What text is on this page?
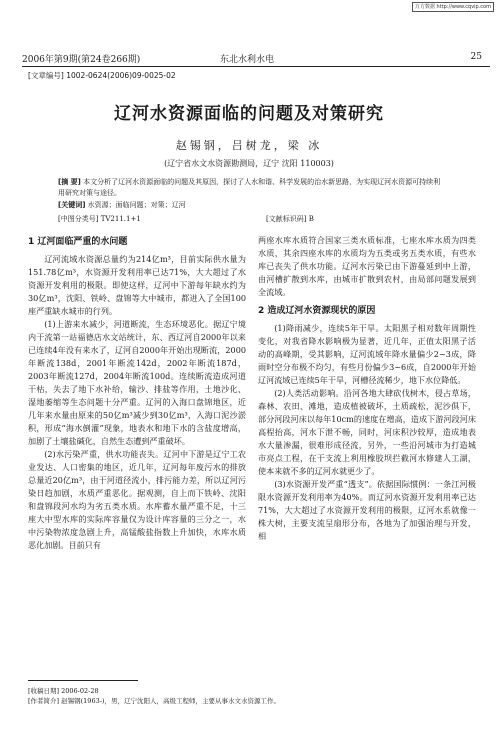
万方数据 http://www.cqvip.com
2006年第9期(第24卷266期)	东北水利水电	25
[文章编号] 1002-0624(2006)09-0025-02
辽河水资源面临的问题及对策研究
赵锡钢，吕树龙，梁 冰
(辽宁省水文水资源勘测局，辽宁 沈阳 110003)

[摘 要] 本文分析了辽河水资源面临的问题及其原因，探讨了人水和谐、科学发展的治水新思路，为实现辽河水资源可持续利用研究对策与途径。

[关键词] 水资源；面临问题；对策；辽河

[中图分类号] TV211.1+1	[文献标识码] B
1 辽河面临严重的水问题

辽河流域水资源总量约为214亿m³，目前实际供水量为151.78亿m³，水资源开发利用率已达71%，大大超过了水资源开发利用的极限。即使这样，辽河中下游每年缺水约为30亿m³，沈阳、铁岭、盘锦等大中城市，都进入了全国100座严重缺水城市的行列。

(1)上游来水减少，河道断流，生态环境恶化。据辽宁境内干流第一站福德店水文站统计，东、西辽河自2000年以来已连续4年没有来水了，辽河自2000年开始出现断流，2000年断流138d，2001年断流142d，2002年断流187d，2003年断流127d，2004年断流100d。连续断流造成河道干枯，失去了地下水补给，输沙、排盐等作用，土地沙化、湿地萎缩等生态问题十分严重。辽河的入海口盘锦地区，近几年来水量由原来的50亿m³减少到30亿m³，入海口泥沙淤积，形成“海水倒灌”现象，地表水和地下水的含盐度增高，加剧了土壤盐碱化，自然生态遭到严重破坏。

(2)水污染严重，供水功能丧失。辽河中下游是辽宁工农业发达、人口密集的地区，近几年，辽河每年废污水的排放总量近20亿m³，由于河道径流小，排污能力差，所以辽河污染日趋加剧，水质严重恶化。据观测，自上而下铁岭、沈阳和盘锦段河水均为劣五类水质。水库蓄水量严重不足，十三座大中型水库的实际库容量仅为设计库容量的三分之一，水中污染物浓度急剧上升，高锰酸盐指数上升加快，水库水质恶化加剧。目前只有

两座水库水质符合国家三类水质标准，七座水库水质为四类水质，其余四座水库的水质均为五类或劣五类水质，有些水库已丧失了供水功能。辽河水污染已由下游蔓延到中上游，由河槽扩散到水库，由城市扩散到农村，由局部问题发展到全流域。

2 造成辽河水资源现状的原因

(1)降雨减少，连续5年干旱。太阳黑子相对数年周期性变化，对我省降水影响极为显著，近几年，正值太阳黑子活动的高峰期，受其影响，辽河流域年降水量偏少2~3成，降雨时空分布极不均匀，有些月份偏少3~6成，自2000年开始辽河流域已连续5年干旱，河槽径流稀少，地下水位降低。

(2)人类活动影响。沿河各地大肆砍伐树木，侵占草场，森林、农田、滩地，造成植被破坏，土质疏松，泥沙俱下，部分河段河床以每年10cm的速度在增高，造成下游河段河床高程抬高，河水下泄不畅，同时，河床积沙较厚，造成地表水大量渗漏，很难形成径流，另外，一些沿河城市为打造城市亮点工程，在干支流上利用橡胶坝拦截河水修建人工湖，使本来就不多的辽河水就更少了。

(3)水资源开发严重“透支”。依据国际惯例：一条江河极限水资源开发利用率为40%。而辽河水资源开发利用率已达71%，大大超过了水资源开发利用的极限，辽河水系就像一株大树，主要支流呈扇形分布，各地为了加强治理与开发，相

[收稿日期] 2006-02-28

[作者简介] 赵锡钢(1963-)，男，辽宁沈阳人，高级工程师，主要从事水文水资源工作。
